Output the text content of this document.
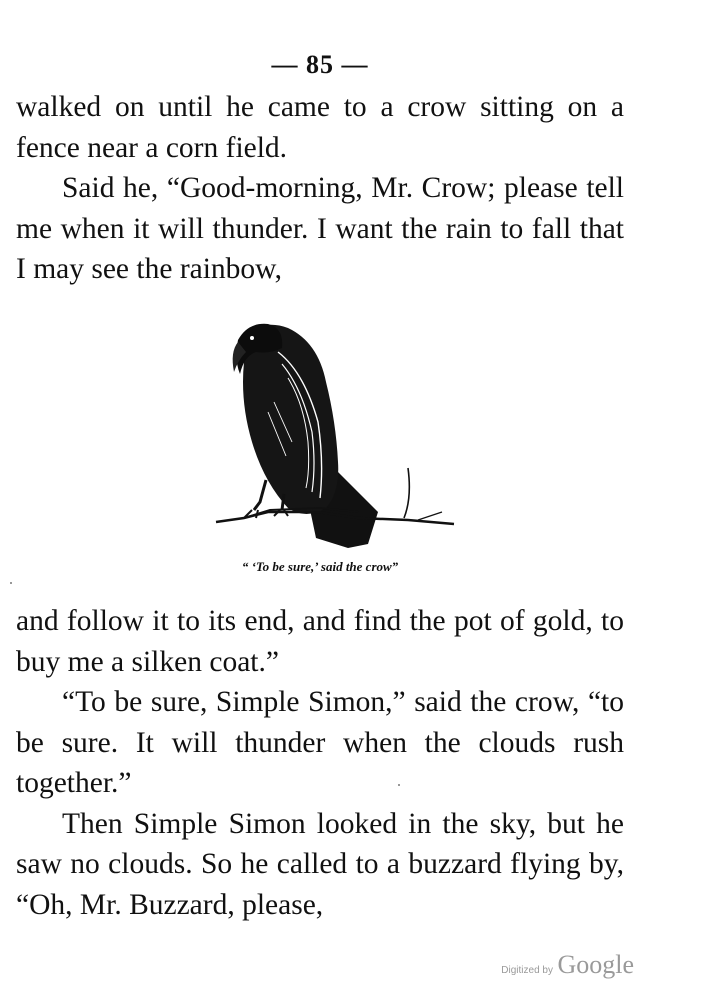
— 85 —

walked on until he came to a crow sitting on a fence near a corn field.

Said he, “Good-morning, Mr. Crow; please tell me when it will thunder. I want the rain to fall that I may see the rainbow,

“ ‘To be sure,’ said the crow”

and follow it to its end, and find the pot of gold, to buy me a silken coat.”

“To be sure, Simple Simon,” said the crow, “to be sure. It will thunder when the clouds rush together.”

Then Simple Simon looked in the sky, but he saw no clouds. So he called to a buzzard flying by, “Oh, Mr. Buzzard, please,

Digitized by Google
